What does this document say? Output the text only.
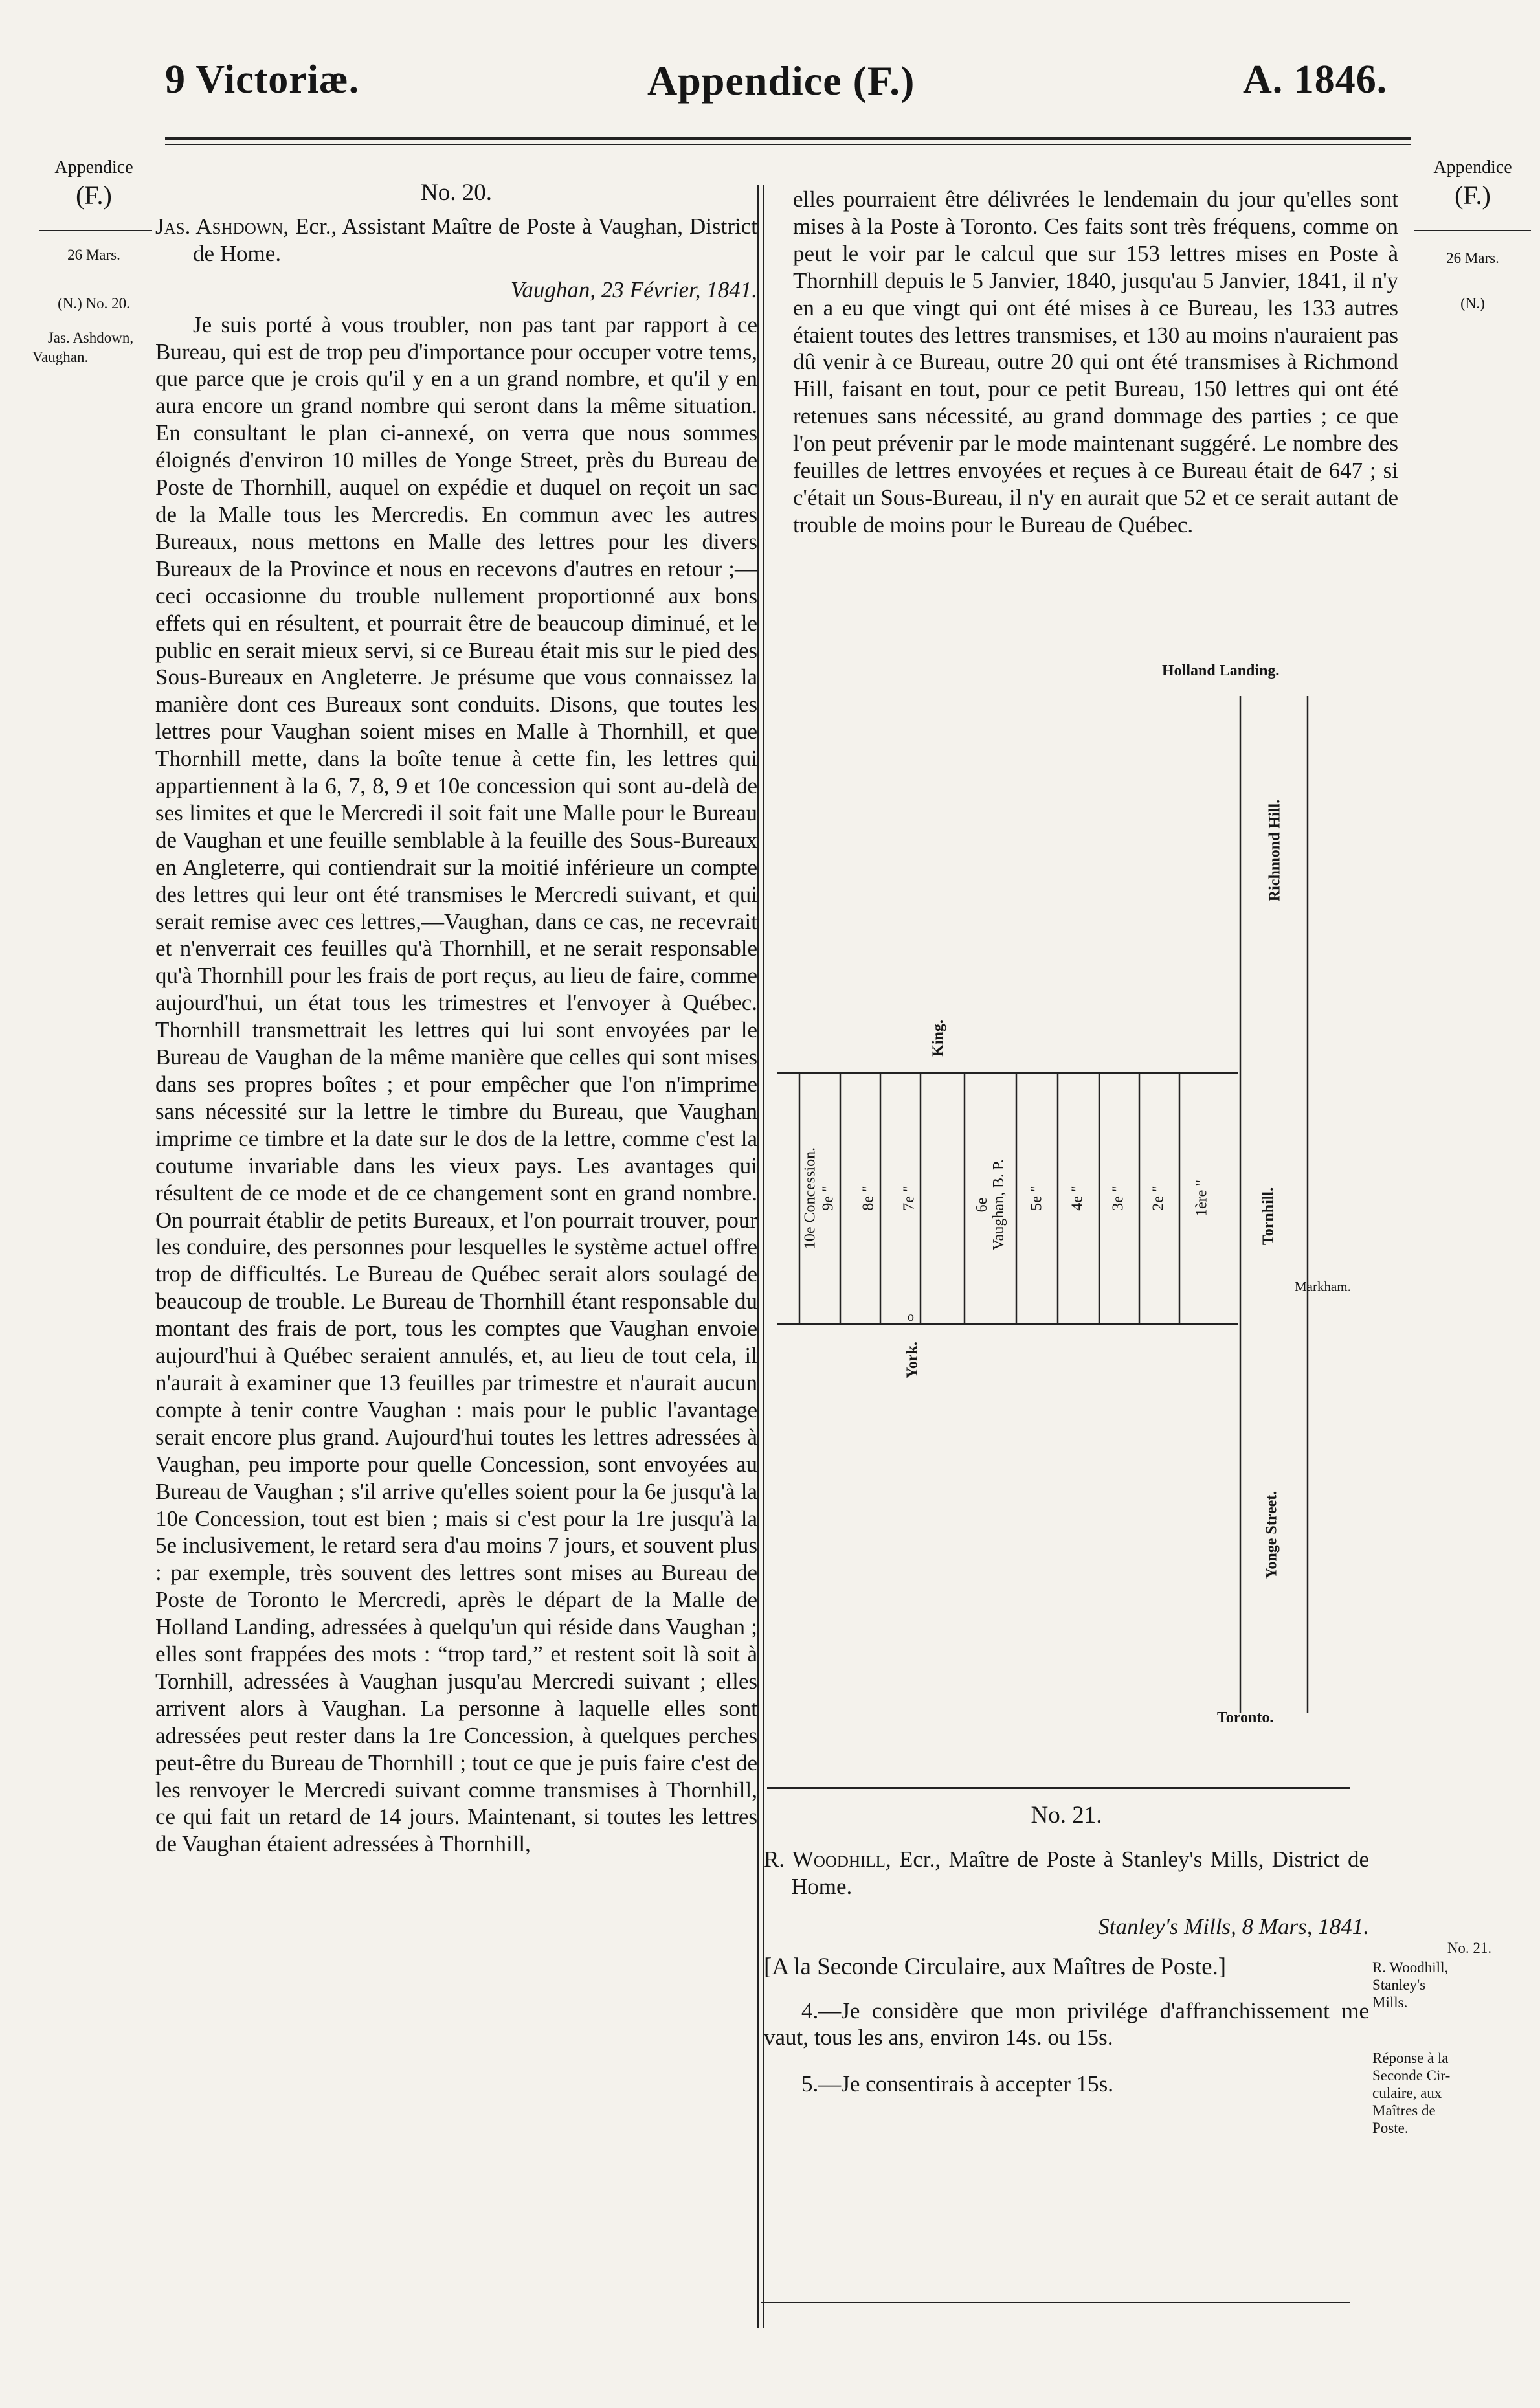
9 Victoriæ.	Appendice (F.)	A. 1846.
Appendice
(F.)
26 Mars.
(N.) No. 20.
Jas. Ashdown,
Vaughan.
Appendice
(F.)
26 Mars.
(N.)
No. 21.
R. Woodhill,
Stanley's
Mills.
Réponse à la
Seconde Cir-
culaire, aux
Maîtres de
Poste.

No. 20.

Jas. Ashdown, Ecr., Assistant Maître de Poste à Vaughan, District de Home.

Vaughan, 23 Février, 1841.

Je suis porté à vous troubler, non pas tant par rapport à ce Bureau, qui est de trop peu d'importance pour occuper votre tems, que parce que je crois qu'il y en a un grand nombre, et qu'il y en aura encore un grand nombre qui seront dans la même situation. En consultant le plan ci-annexé, on verra que nous sommes éloignés d'environ 10 milles de Yonge Street, près du Bureau de Poste de Thornhill, auquel on expédie et duquel on reçoit un sac de la Malle tous les Mercredis. En commun avec les autres Bureaux, nous mettons en Malle des lettres pour les divers Bureaux de la Province et nous en recevons d'autres en retour ;—ceci occasionne du trouble nullement proportionné aux bons effets qui en résultent, et pourrait être de beaucoup diminué, et le public en serait mieux servi, si ce Bureau était mis sur le pied des Sous-Bureaux en Angleterre. Je présume que vous connaissez la manière dont ces Bureaux sont conduits. Disons, que toutes les lettres pour Vaughan soient mises en Malle à Thornhill, et que Thornhill mette, dans la boîte tenue à cette fin, les lettres qui appartiennent à la 6, 7, 8, 9 et 10e concession qui sont au-delà de ses limites et que le Mercredi il soit fait une Malle pour le Bureau de Vaughan et une feuille semblable à la feuille des Sous-Bureaux en Angleterre, qui contiendrait sur la moitié inférieure un compte des lettres qui leur ont été transmises le Mercredi suivant, et qui serait remise avec ces lettres,—Vaughan, dans ce cas, ne recevrait et n'enverrait ces feuilles qu'à Thornhill, et ne serait responsable qu'à Thornhill pour les frais de port reçus, au lieu de faire, comme aujourd'hui, un état tous les trimestres et l'envoyer à Québec. Thornhill transmettrait les lettres qui lui sont envoyées par le Bureau de Vaughan de la même manière que celles qui sont mises dans ses propres boîtes ; et pour empêcher que l'on n'imprime sans nécessité sur la lettre le timbre du Bureau, que Vaughan imprime ce timbre et la date sur le dos de la lettre, comme c'est la coutume invariable dans les vieux pays. Les avantages qui résultent de ce mode et de ce changement sont en grand nombre. On pourrait établir de petits Bureaux, et l'on pourrait trouver, pour les conduire, des personnes pour lesquelles le système actuel offre trop de difficultés. Le Bureau de Québec serait alors soulagé de beaucoup de trouble. Le Bureau de Thornhill étant responsable du montant des frais de port, tous les comptes que Vaughan envoie aujourd'hui à Québec seraient annulés, et, au lieu de tout cela, il n'aurait à examiner que 13 feuilles par trimestre et n'aurait aucun compte à tenir contre Vaughan : mais pour le public l'avantage serait encore plus grand. Aujourd'hui toutes les lettres adressées à Vaughan, peu importe pour quelle Concession, sont envoyées au Bureau de Vaughan ; s'il arrive qu'elles soient pour la 6e jusqu'à la 10e Concession, tout est bien ; mais si c'est pour la 1re jusqu'à la 5e inclusivement, le retard sera d'au moins 7 jours, et souvent plus : par exemple, très souvent des lettres sont mises au Bureau de Poste de Toronto le Mercredi, après le départ de la Malle de Holland Landing, adressées à quelqu'un qui réside dans Vaughan ; elles sont frappées des mots : “trop tard,” et restent soit là soit à Tornhill, adressées à Vaughan jusqu'au Mercredi suivant ; elles arrivent alors à Vaughan. La personne à laquelle elles sont adressées peut rester dans la 1re Concession, à quelques perches peut-être du Bureau de Thornhill ; tout ce que je puis faire c'est de les renvoyer le Mercredi suivant comme transmises à Thornhill, ce qui fait un retard de 14 jours. Maintenant, si toutes les lettres de Vaughan étaient adressées à Thornhill,

elles pourraient être délivrées le lendemain du jour qu'elles sont mises à la Poste à Toronto. Ces faits sont très fréquens, comme on peut le voir par le calcul que sur 153 lettres mises en Poste à Thornhill depuis le 5 Janvier, 1840, jusqu'au 5 Janvier, 1841, il n'y en a eu que vingt qui ont été mises à ce Bureau, les 133 autres étaient toutes des lettres transmises, et 130 au moins n'auraient pas dû venir à ce Bureau, outre 20 qui ont été transmises à Richmond Hill, faisant en tout, pour ce petit Bureau, 150 lettres qui ont été retenues sans nécessité, au grand dommage des parties ; ce que l'on peut prévenir par le mode maintenant suggéré. Le nombre des feuilles de lettres envoyées et reçues à ce Bureau était de 647 ; si c'était un Sous-Bureau, il n'y en aurait que 52 et ce serait autant de trouble de moins pour le Bureau de Québec.

Holland Landing.
Richmond Hill.
King.
10e Concession. 9e " 8e " 7e "	6e
Vaughan, B. P.
5e " 4e " 3e " 2e " 1ère "
o
York.
Tornhill.
Markham.
Yonge Street.
Toronto.

No. 21.

R. Woodhill, Ecr., Maître de Poste à Stanley's Mills, District de Home.

Stanley's Mills, 8 Mars, 1841.

[A la Seconde Circulaire, aux Maîtres de Poste.]

4.—Je considère que mon privilége d'affranchissement me vaut, tous les ans, environ 14s. ou 15s.

5.—Je consentirais à accepter 15s.
